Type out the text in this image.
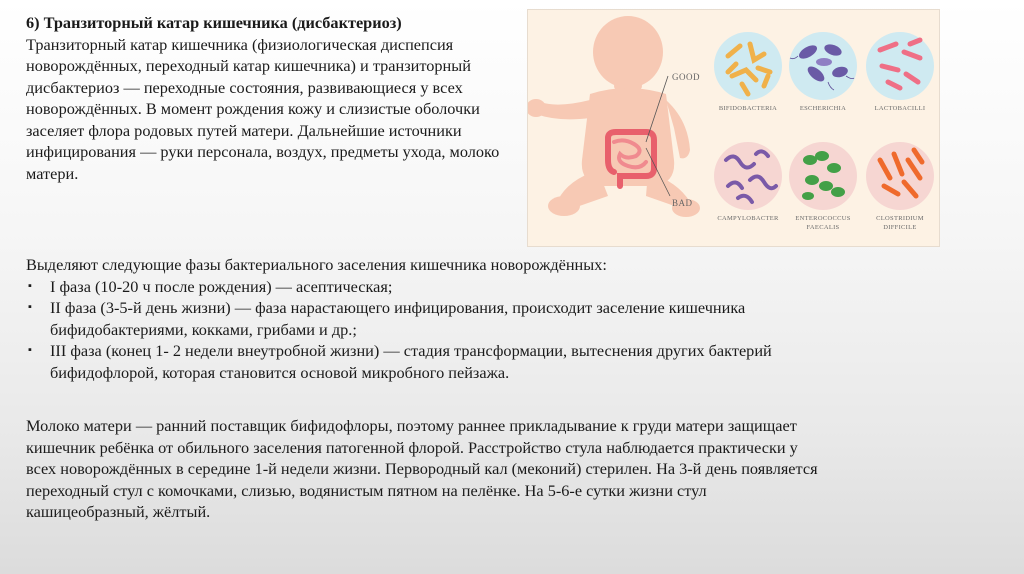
6) Транзиторный катар кишечника (дисбактериоз)
Транзиторный катар кишечника (физиологическая диспепсия новорождённых, переходный катар кишечника) и транзиторный дисбактериоз — переходные состояния, развивающиеся у всех новорождённых. В момент рождения кожу и слизистые оболочки заселяет флора родовых путей матери. Дальнейшие источники инфицирования — руки персонала, воздух, предметы ухода, молоко матери.
GOOD
BAD
BIFIDOBACTERIA	ESCHERICHIA	LACTOBACILLI
CAMPYLOBACTER	ENTEROCOCCUS
FAECALIS
CLOSTRIDIUM
DIFFICILE
Выделяют следующие фазы бактериального заселения кишечника новорождённых:
▪ I фаза (10-20 ч после рождения) — асептическая;
▪ II фаза (3-5-й день жизни) — фаза нарастающего инфицирования, происходит заселение кишечника
бифидобактериями, кокками, грибами и др.;
▪ III фаза (конец 1- 2 недели внеутробной жизни) — стадия трансформации, вытеснения других бактерий
бифидофлорой, которая становится основой микробного пейзажа.
Молоко матери — ранний поставщик бифидофлоры, поэтому раннее прикладывание к груди матери защищает
кишечник ребёнка от обильного заселения патогенной флорой. Расстройство стула наблюдается практически у
всех новорождённых в середине 1-й недели жизни. Первородный кал (меконий) стерилен. На 3-й день появляется
переходный стул с комочками, слизью, водянистым пятном на пелёнке. На 5-6-е сутки жизни стул
кашицеобразный, жёлтый.
